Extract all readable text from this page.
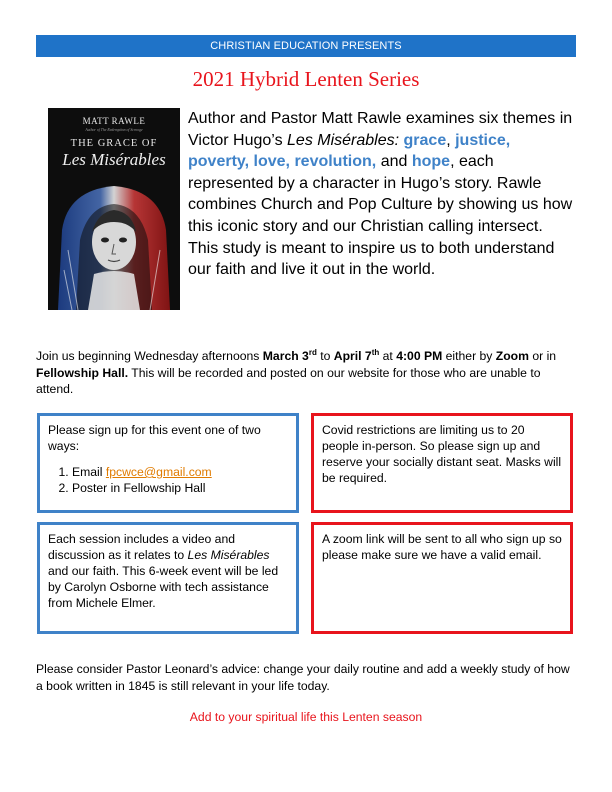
CHRISTIAN EDUCATION PRESENTS
2021 Hybrid Lenten Series
MATT RAWLE
Author of The Redemption of Scrooge
THE GRACE OF
Les Misérables
Author and Pastor Matt Rawle examines six themes in Victor Hugo’s Les Misérables: grace, justice, poverty, love, revolution, and hope, each represented by a character in Hugo’s story. Rawle combines Church and Pop Culture by showing us how this iconic story and our Christian calling intersect. This study is meant to inspire us to both understand our faith and live it out in the world.
Join us beginning Wednesday afternoons March 3rd to April 7th at 4:00 PM either by Zoom or in Fellowship Hall. This will be recorded and posted on our website for those who are unable to attend.
Please sign up for this event one of two ways:
1. Email fpcwce@gmail.com
2. Poster in Fellowship Hall
Covid restrictions are limiting us to 20 people in-person. So please sign up and reserve your socially distant seat. Masks will be required.
Each session includes a video and discussion as it relates to Les Misérables and our faith. This 6-week event will be led by Carolyn Osborne with tech assistance from Michele Elmer.
A zoom link will be sent to all who sign up so please make sure we have a valid email.
Please consider Pastor Leonard’s advice: change your daily routine and add a weekly study of how a book written in 1845 is still relevant in your life today.
Add to your spiritual life this Lenten season
